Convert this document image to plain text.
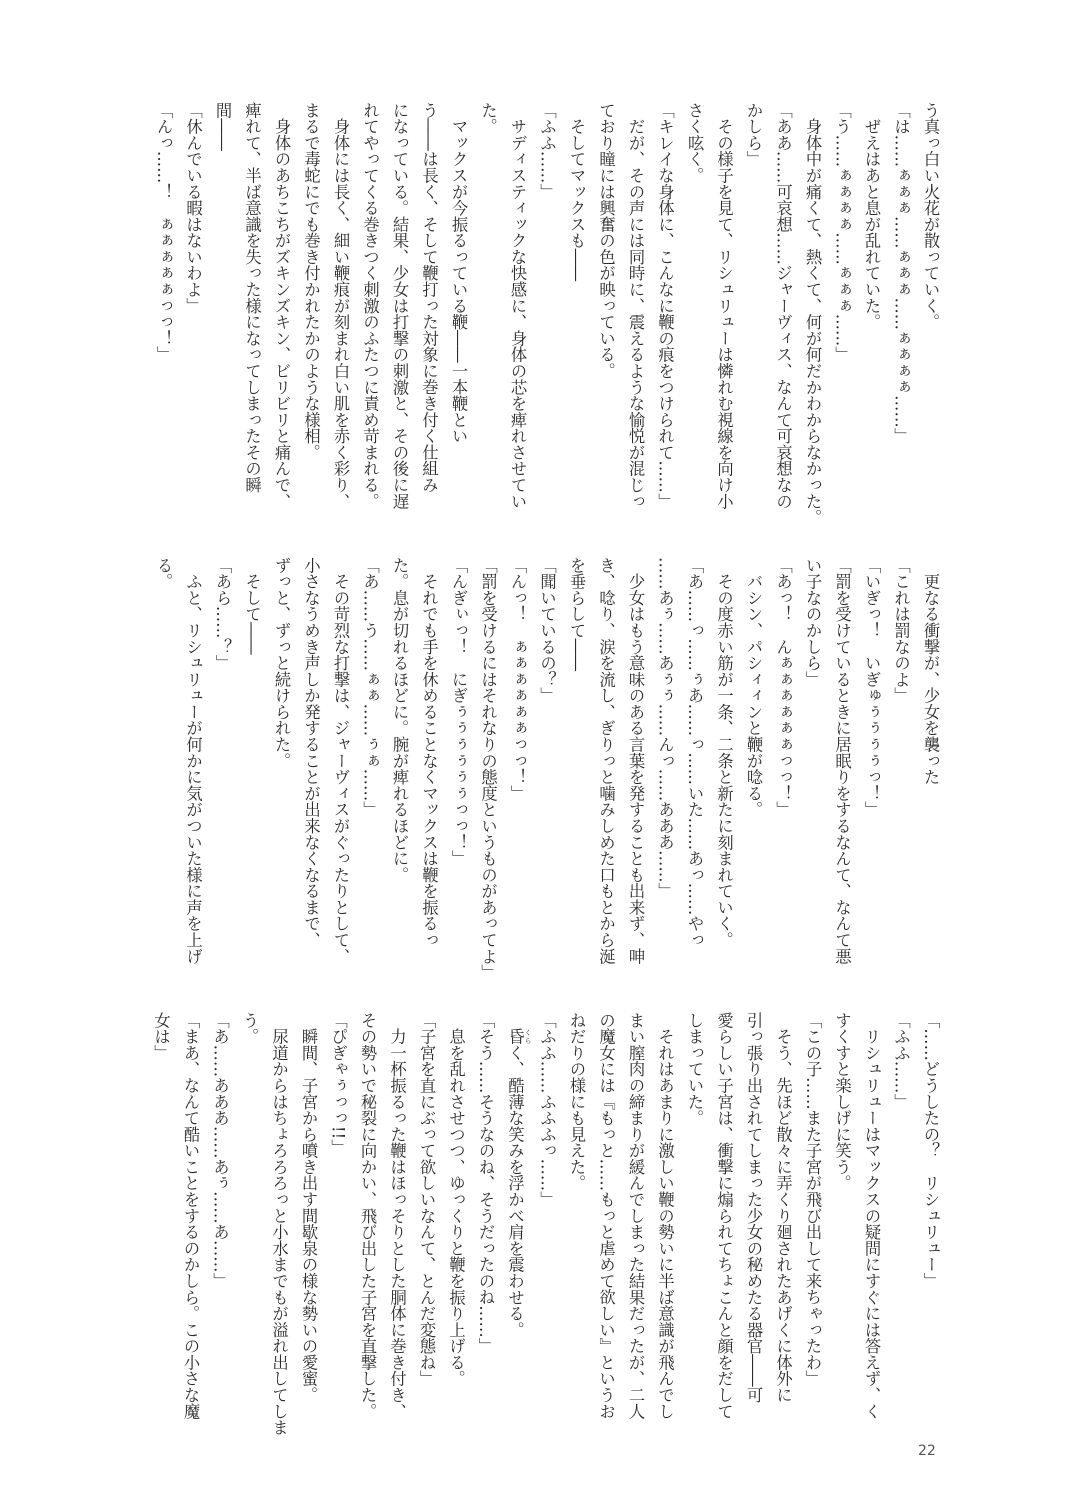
う真っ白い火花が散っていく。
「は……ぁぁぁ……ぁぁぁ……ぁぁぁぁ……」
　ぜえはあと息が乱れていた。
「う……ぁぁぁぁ……ぁぁぁ……」
　身体中が痛くて、熱くて、何が何だかわからなかった。
「ああ……可哀想……ジャーヴィス、なんて可哀想なの
かしら」
　その様子を見て、リシュリューは憐れむ視線を向け小
さく呟く。
「キレイな身体に、こんなに鞭の痕をつけられて……」
　だが、その声には同時に、震えるような愉悦が混じっ
ており瞳には興奮の色が映っている。
　そしてマックスも――
「ふふ……」
　サディスティックな快感に、身体の芯を痺れさせてい
た。
　マックスが今振るっている鞭――一本鞭とい
う――は長く、そして鞭打った対象に巻き付く仕組み
になっている。結果、少女は打撃の刺激と、その後に遅
れてやってくる巻きつく刺激のふたつに責め苛まれる。
　身体には長く、細い鞭痕が刻まれ白い肌を赤く彩り、
まるで毒蛇にでも巻き付かれたかのような様相。
　身体のあちこちがズキンズキン、ビリビリと痛んで、
痺れて、半ば意識を失った様になってしまったその瞬
間――
「休んでいる暇はないわよ」
「んっ……！　ぁぁぁぁぁっっ！」
　更なる衝撃が、少女を襲った
「これは罰なのよ」
「いぎっ！　いぎゅぅぅぅぅっ！」
「罰を受けているときに居眠りをするなんて、なんて悪
い子なのかしら」
「あっ！　んぁぁぁぁぁぁっっ！」
　バシン、パシィィンと鞭が唸る。
　その度赤い筋が一条、二条と新たに刻まれていく。
「あ……っ……ぅあ……っ……いた……あっ……やっ
……あぅ……あぅぅ……んっ……あああ……」
　少女はもう意味のある言葉を発することも出来ず、呻
き、唸り、涙を流し、ぎりっと噛みしめた口もとから涎
を垂らして――
「聞いているの？」
「んっ！　ぁぁぁぁぁぁっっ！」
「罰を受けるにはそれなりの態度というものがあってよ」
「んぎぃっ！　にぎぅぅぅぅぅぅっっ！」
　それでも手を休めることなくマックスは鞭を振るっ
た。息が切れるほどに。腕が痺れるほどに。
「あ……う……ぁぁ……ぅぁ……」
　その苛烈な打撃は、ジャーヴィスがぐったりとして、
小さなうめき声しか発することが出来なくなるまで、
ずっと、ずっと続けられた。
　そして――
「あら……？」
　ふと、リシュリューが何かに気がついた様に声を上げ
る。
「……どうしたの？　リシュリュー」
「ふふ……」
　リシュリューはマックスの疑問にすぐには答えず、く
すくすと楽しげに笑う。
「この子……また子宮が飛び出して来ちゃったわ」
　そう、先ほど散々に弄くり廻されたあげくに体外に
引っ張り出されてしまった少女の秘めたる器官――可
愛らしい子宮は、衝撃に煽られてちょこんと顔をだして
しまっていた。
　それはあまりに激しい鞭の勢いに半ば意識が飛んでし
まい膣肉の締まりが緩んでしまった結果だったが、二人
の魔女には『もっと……もっと虐めて欲しい』というお
ねだりの様にも見えた。
「ふふ……ふふふっ……」
　昏 くらく、酷薄な笑みを浮かべ肩を震わせる。
「そう……そうなのね、そうだったのね……」
　息を乱れさせつつ、ゆっくりと鞭を振り上げる。
「子宮を直にぶって欲しいなんて、とんだ変態ね」
　力一杯振るった鞭はほっそりとした胴体に巻き付き、
その勢いで秘裂に向かい、飛び出した子宮を直撃した。
「ぴぎゃぅっっ!!」
　瞬間、子宮から噴き出す間歇泉の様な勢いの愛蜜。
　尿道からはちょろろろっと小水までもが溢れ出してしま
う。
「あ……あああ……あぅ……あ……」
「まあ、なんて酷いことをするのかしら。この小さな魔
女は」
22
